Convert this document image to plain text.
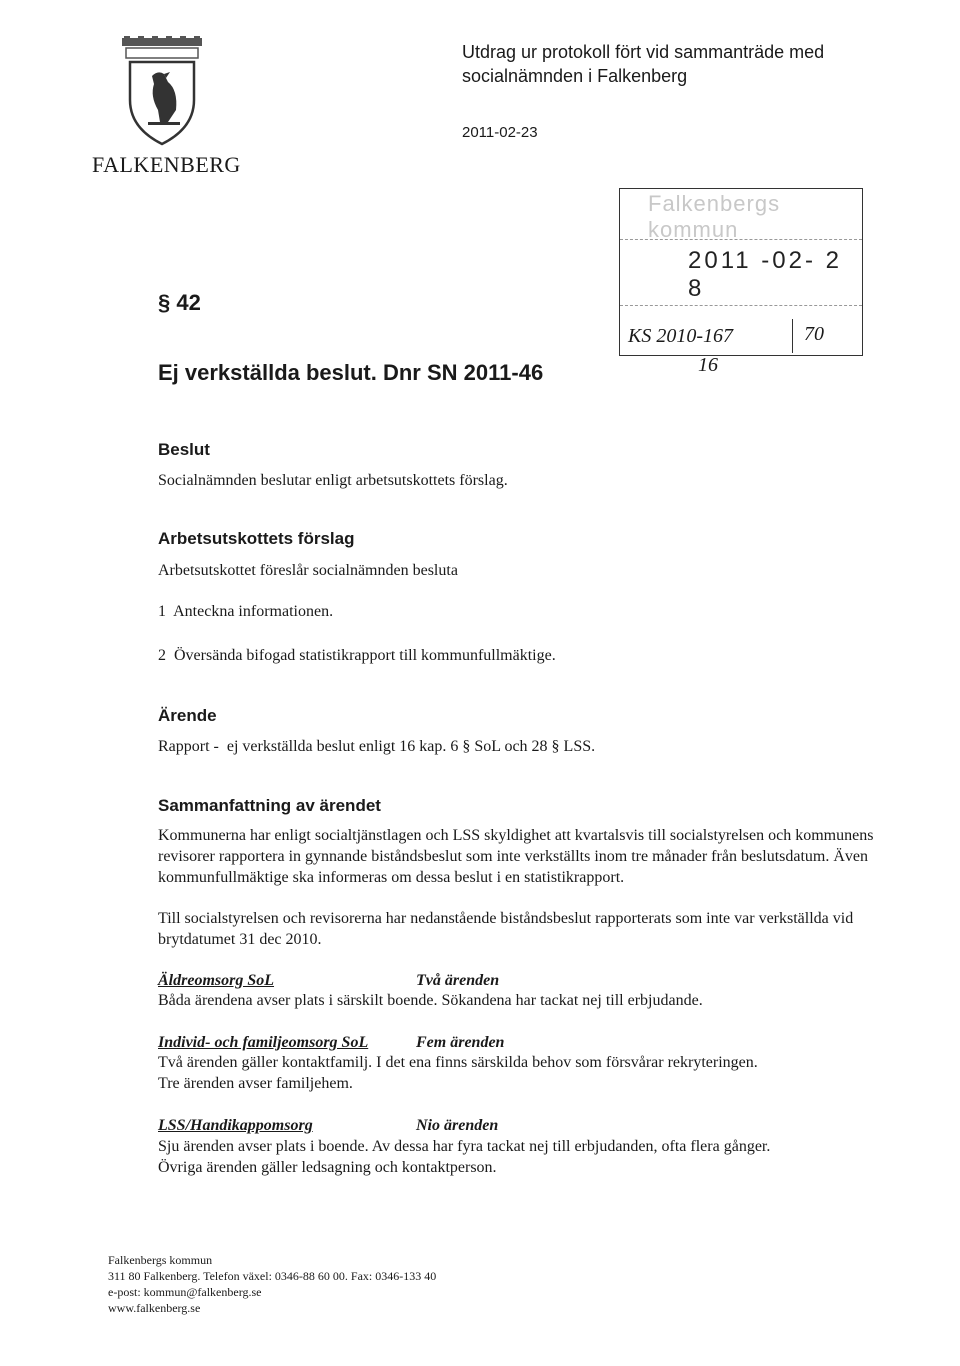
FALKENBERG
Utdrag ur protokoll fört vid sammanträde med
socialnämnden i Falkenberg
2011-02-23
Falkenbergs kommun
2011 -02- 2 8
KS 2010-167	70
16
§ 42
Ej verkställda beslut. Dnr SN 2011-46
Beslut
Socialnämnden beslutar enligt arbetsutskottets förslag.
Arbetsutskottets förslag
Arbetsutskottet föreslår socialnämnden besluta
1  Anteckna informationen.
2  Översända bifogad statistikrapport till kommunfullmäktige.
Ärende
Rapport -  ej verkställda beslut enligt 16 kap. 6 § SoL och 28 § LSS.
Sammanfattning av ärendet
Kommunerna har enligt socialtjänstlagen och LSS skyldighet att kvartalsvis till socialstyrelsen och kommunens revisorer rapportera in gynnande biståndsbeslut som inte verkställts inom tre månader från beslutsdatum. Även kommunfullmäktige ska informeras om dessa beslut i en statistikrapport.
Till socialstyrelsen och revisorerna har nedanstående biståndsbeslut rapporterats som inte var verkställda vid brytdatumet 31 dec 2010.
Äldreomsorg SoL	Två ärenden
Båda ärendena avser plats i särskilt boende. Sökandena har tackat nej till erbjudande.
Individ- och familjeomsorg SoL	Fem ärenden
Två ärenden gäller kontaktfamilj. I det ena finns särskilda behov som försvårar rekryteringen.
Tre ärenden avser familjehem.
LSS/Handikappomsorg	Nio ärenden
Sju ärenden avser plats i boende. Av dessa har fyra tackat nej till erbjudanden, ofta flera gånger.
Övriga ärenden gäller ledsagning och kontaktperson.
Falkenbergs kommun
311 80 Falkenberg. Telefon växel: 0346-88 60 00. Fax: 0346-133 40
e-post: kommun@falkenberg.se
www.falkenberg.se
